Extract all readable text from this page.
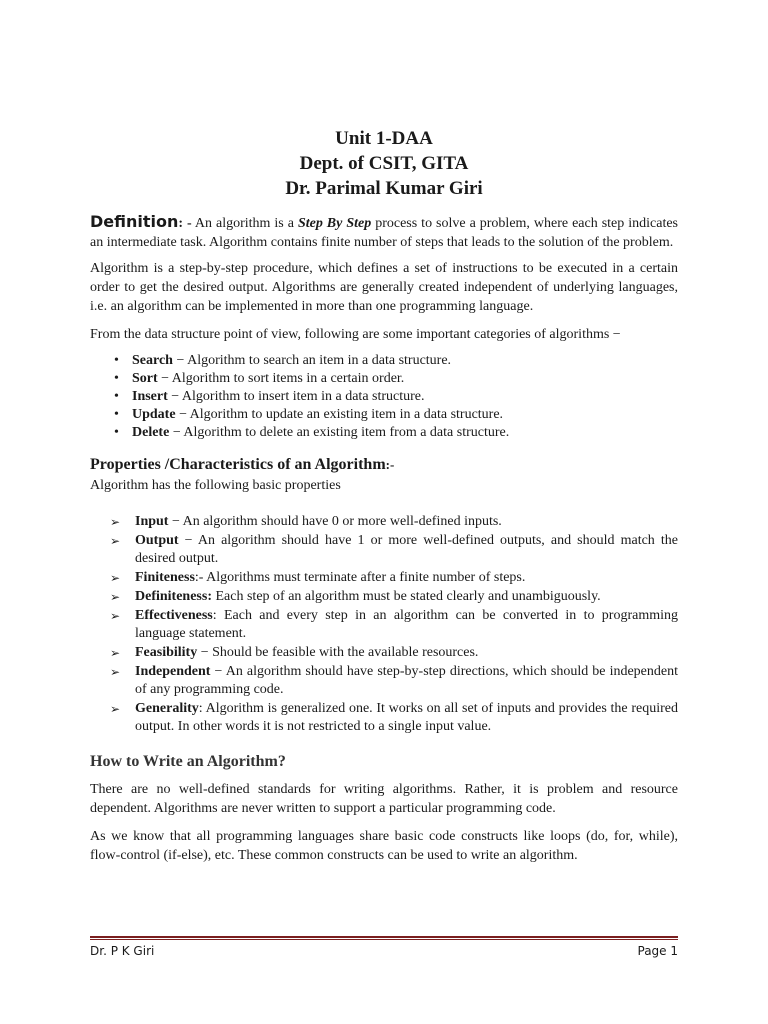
Unit 1-DAA
Dept. of CSIT, GITA
Dr. Parimal Kumar Giri

Definition: - An algorithm is a Step By Step process to solve a problem, where each step indicates an intermediate task. Algorithm contains finite number of steps that leads to the solution of the problem.

Algorithm is a step-by-step procedure, which defines a set of instructions to be executed in a certain order to get the desired output. Algorithms are generally created independent of underlying languages, i.e. an algorithm can be implemented in more than one programming language.

From the data structure point of view, following are some important categories of algorithms −

• Search − Algorithm to search an item in a data structure.
• Sort − Algorithm to sort items in a certain order.
• Insert − Algorithm to insert item in a data structure.
• Update − Algorithm to update an existing item in a data structure.
• Delete − Algorithm to delete an existing item from a data structure.
Properties /Characteristics of an Algorithm:-

Algorithm has the following basic properties

➢ Input − An algorithm should have 0 or more well-defined inputs.
➢ Output − An algorithm should have 1 or more well-defined outputs, and should match the desired output.
➢ Finiteness:- Algorithms must terminate after a finite number of steps.
➢ Definiteness: Each step of an algorithm must be stated clearly and unambiguously.
➢ Effectiveness: Each and every step in an algorithm can be converted in to programming language statement.
➢ Feasibility − Should be feasible with the available resources.
➢ Independent − An algorithm should have step-by-step directions, which should be independent of any programming code.
➢ Generality: Algorithm is generalized one. It works on all set of inputs and provides the required output. In other words it is not restricted to a single input value.
How to Write an Algorithm?

There are no well-defined standards for writing algorithms. Rather, it is problem and resource dependent. Algorithms are never written to support a particular programming code.

As we know that all programming languages share basic code constructs like loops (do, for, while), flow-control (if-else), etc. These common constructs can be used to write an algorithm.

Dr. P K Giri	Page 1
